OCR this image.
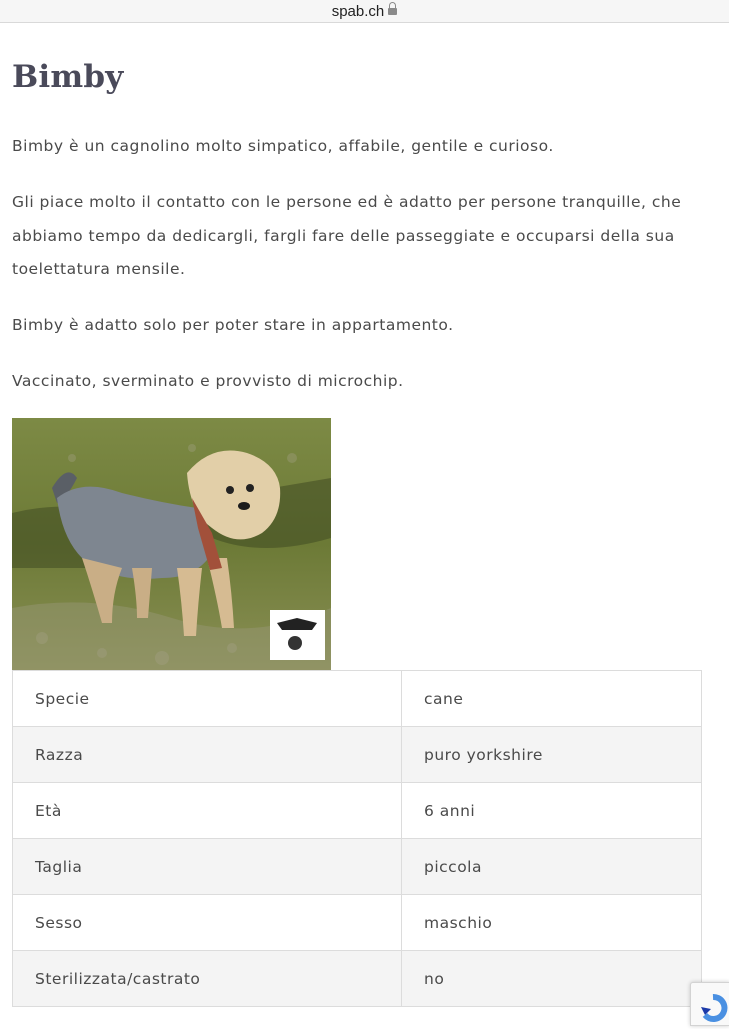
spab.ch
Bimby

Bimby è un cagnolino molto simpatico, affabile, gentile e curioso.

Gli piace molto il contatto con le persone ed è adatto per persone tranquille, che abbiamo tempo da dedicargli, fargli fare delle passeggiate e occuparsi della sua toelettatura mensile.

Bimby è adatto solo per poter stare in appartamento.

Vaccinato, sverminato e provvisto di microchip.

Specie	cane
Razza	puro yorkshire
Età	6 anni
Taglia	piccola
Sesso	maschio
Sterilizzata/castrato	no
